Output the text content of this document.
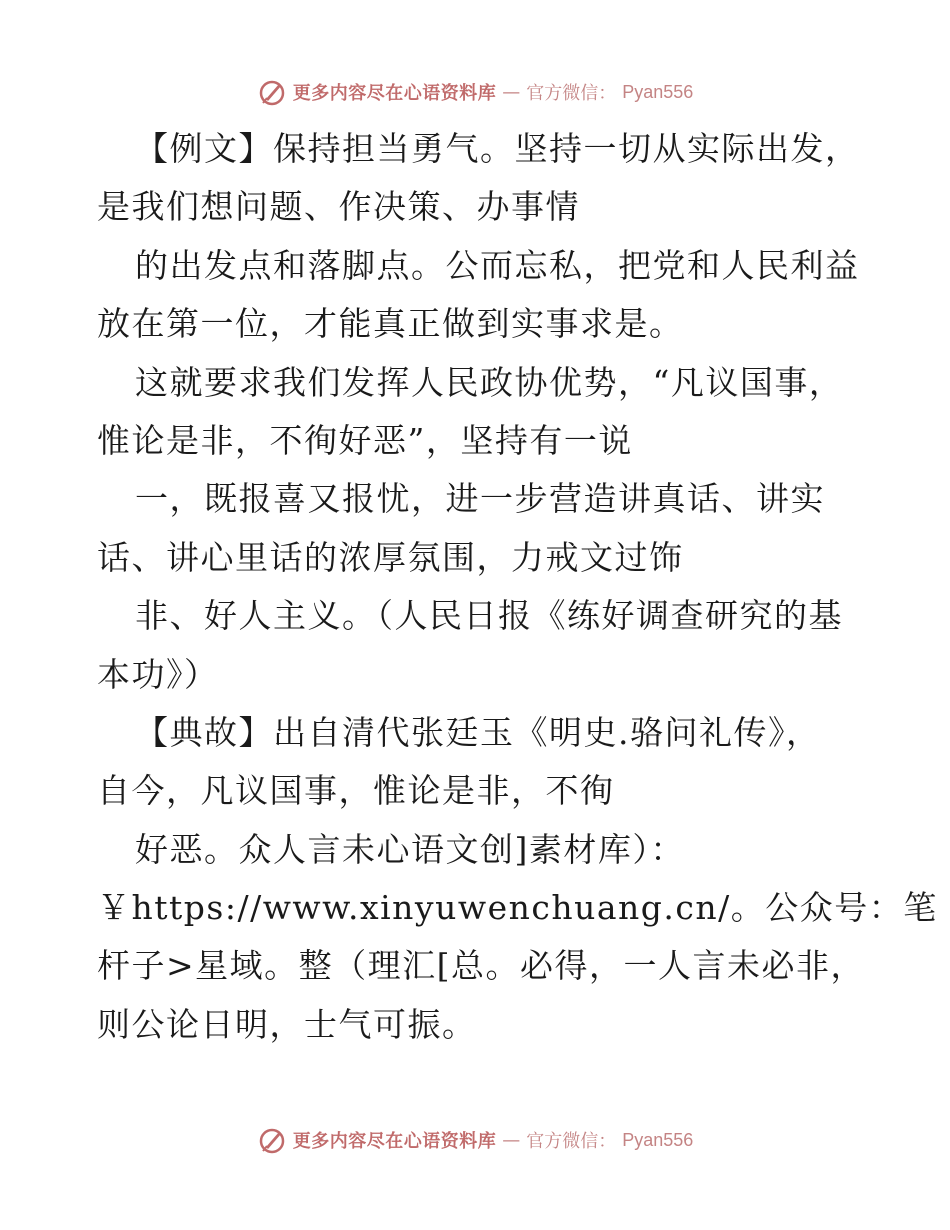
更多内容尽在心语资料库 — 官方微信： Pyan556
【例文】保持担当勇气。坚持一切从实际出发，
是我们想问题、作决策、办事情
的出发点和落脚点。公而忘私，把党和人民利益
放在第一位，才能真正做到实事求是。
这就要求我们发挥人民政协优势，“凡议国事，
惟论是非，不徇好恶”，坚持有一说
一，既报喜又报忧，进一步营造讲真话、讲实
话、讲心里话的浓厚氛围，力戒文过饰
非、好人主义。（人民日报《练好调查研究的基
本功》）
【典故】出自清代张廷玉《明史.骆问礼传》，
自今，凡议国事，惟论是非，不徇
好恶。众人言未心语文创]素材库）：
￥https://www.xinyuwenchuang.cn/。公众号：笔
杆子>星域。整（理汇[总。必得，一人言未必非，
则公论日明，士气可振。
更多内容尽在心语资料库 — 官方微信： Pyan556
